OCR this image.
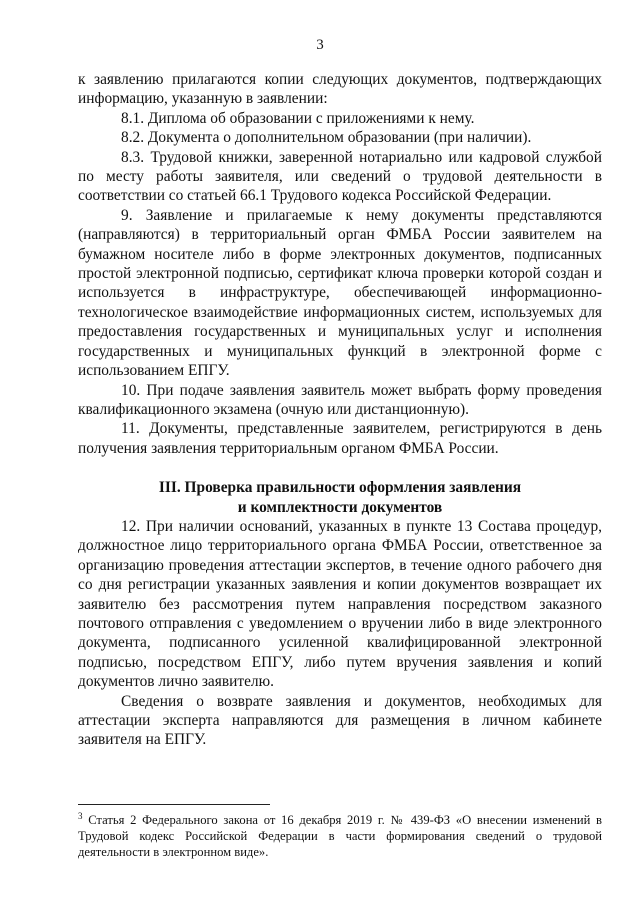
3

к заявлению прилагаются копии следующих документов, подтверждающих информацию, указанную в заявлении:

8.1. Диплома об образовании с приложениями к нему.

8.2. Документа о дополнительном образовании (при наличии).

8.3. Трудовой книжки, заверенной нотариально или кадровой службой по месту работы заявителя, или сведений о трудовой деятельности в соответствии со статьей 66.1 Трудового кодекса Российской Федерации.

9. Заявление и прилагаемые к нему документы представляются (направляются) в территориальный орган ФМБА России заявителем на бумажном носителе либо в форме электронных документов, подписанных простой электронной подписью, сертификат ключа проверки которой создан и используется в инфраструктуре, обеспечивающей информационно-технологическое взаимодействие информационных систем, используемых для предоставления государственных и муниципальных услуг и исполнения государственных и муниципальных функций в электронной форме с использованием ЕПГУ.

10. При подаче заявления заявитель может выбрать форму проведения квалификационного экзамена (очную или дистанционную).

11. Документы, представленные заявителем, регистрируются в день получения заявления территориальным органом ФМБА России.

III. Проверка правильности оформления заявления
и комплектности документов

12. При наличии оснований, указанных в пункте 13 Состава процедур, должностное лицо территориального органа ФМБА России, ответственное за организацию проведения аттестации экспертов, в течение одного рабочего дня со дня регистрации указанных заявления и копии документов возвращает их заявителю без рассмотрения путем направления посредством заказного почтового отправления с уведомлением о вручении либо в виде электронного документа, подписанного усиленной квалифицированной электронной подписью, посредством ЕПГУ, либо путем вручения заявления и копий документов лично заявителю.

Сведения о возврате заявления и документов, необходимых для аттестации эксперта направляются для размещения в личном кабинете заявителя на ЕПГУ.

$^3$ Статья 2 Федерального закона от 16 декабря 2019 г. № 439-ФЗ «О внесении изменений в Трудовой кодекс Российской Федерации в части формирования сведений о трудовой деятельности в электронном виде».
